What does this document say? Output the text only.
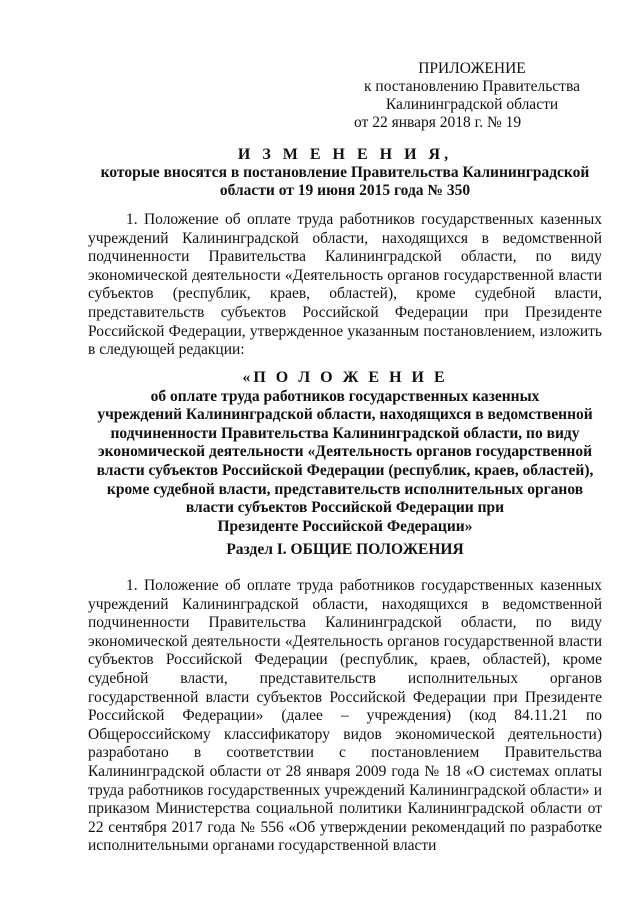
ПРИЛОЖЕНИЕ
к постановлению Правительства
Калининградской области
от 22 января 2018 г. № 19
И З М Е Н Е Н И Я,
которые вносятся в постановление Правительства Калининградской
области от 19 июня 2015 года № 350
1. Положение об оплате труда работников государственных казенных учреждений Калининградской области, находящихся в ведомственной подчиненности Правительства Калининградской области, по виду экономической деятельности «Деятельность органов государственной власти субъектов (республик, краев, областей), кроме судебной власти, представительств субъектов Российской Федерации при Президенте Российской Федерации, утвержденное указанным постановлением, изложить в следующей редакции:
«П О Л О Ж Е Н И Е
об оплате труда работников государственных казенных
учреждений Калининградской области, находящихся в ведомственной
подчиненности Правительства Калининградской области, по виду
экономической деятельности «Деятельность органов государственной
власти субъектов Российской Федерации (республик, краев, областей),
кроме судебной власти, представительств исполнительных органов
власти субъектов Российской Федерации при
Президенте Российской Федерации»
Раздел I. ОБЩИЕ ПОЛОЖЕНИЯ
1. Положение об оплате труда работников государственных казенных учреждений Калининградской области, находящихся в ведомственной подчиненности Правительства Калининградской области, по виду экономической деятельности «Деятельность органов государственной власти субъектов Российской Федерации (республик, краев, областей), кроме судебной власти, представительств исполнительных органов государственной власти субъектов Российской Федерации при Президенте Российской Федерации» (далее – учреждения) (код 84.11.21 по Общероссийскому классификатору видов экономической деятельности) разработано в соответствии с постановлением Правительства Калининградской области от 28 января 2009 года № 18 «О системах оплаты труда работников государственных учреждений Калининградской области» и приказом Министерства социальной политики Калининградской области от 22 сентября 2017 года № 556 «Об утверждении рекомендаций по разработке исполнительными органами государственной власти
